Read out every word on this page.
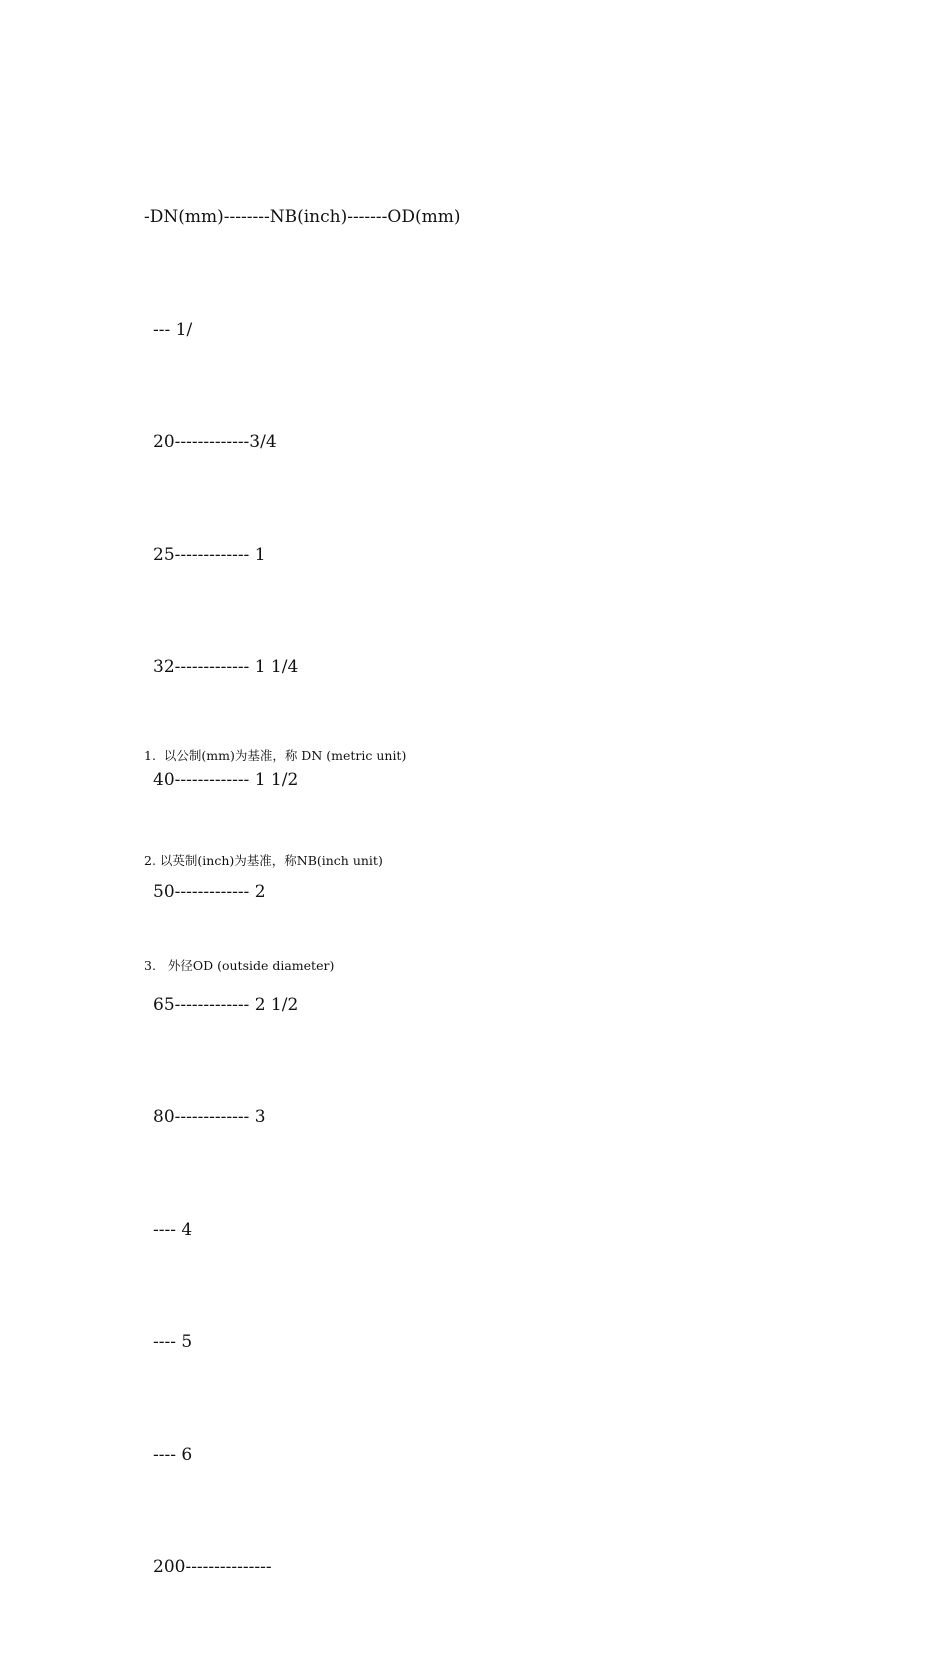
-DN(mm)--------NB(inch)-------OD(mm)

--- 1/

20-------------3/4

25------------- 1

32------------- 1 1/4

40------------- 1 1/2

50------------- 2

65------------- 2 1/2

80------------- 3

---- 4

---- 5

---- 6

200---------------

1.  以公制(mm)为基准，称 DN (metric unit)

2. 以英制(inch)为基准，称NB(inch unit)

3.   外径OD (outside diameter)
